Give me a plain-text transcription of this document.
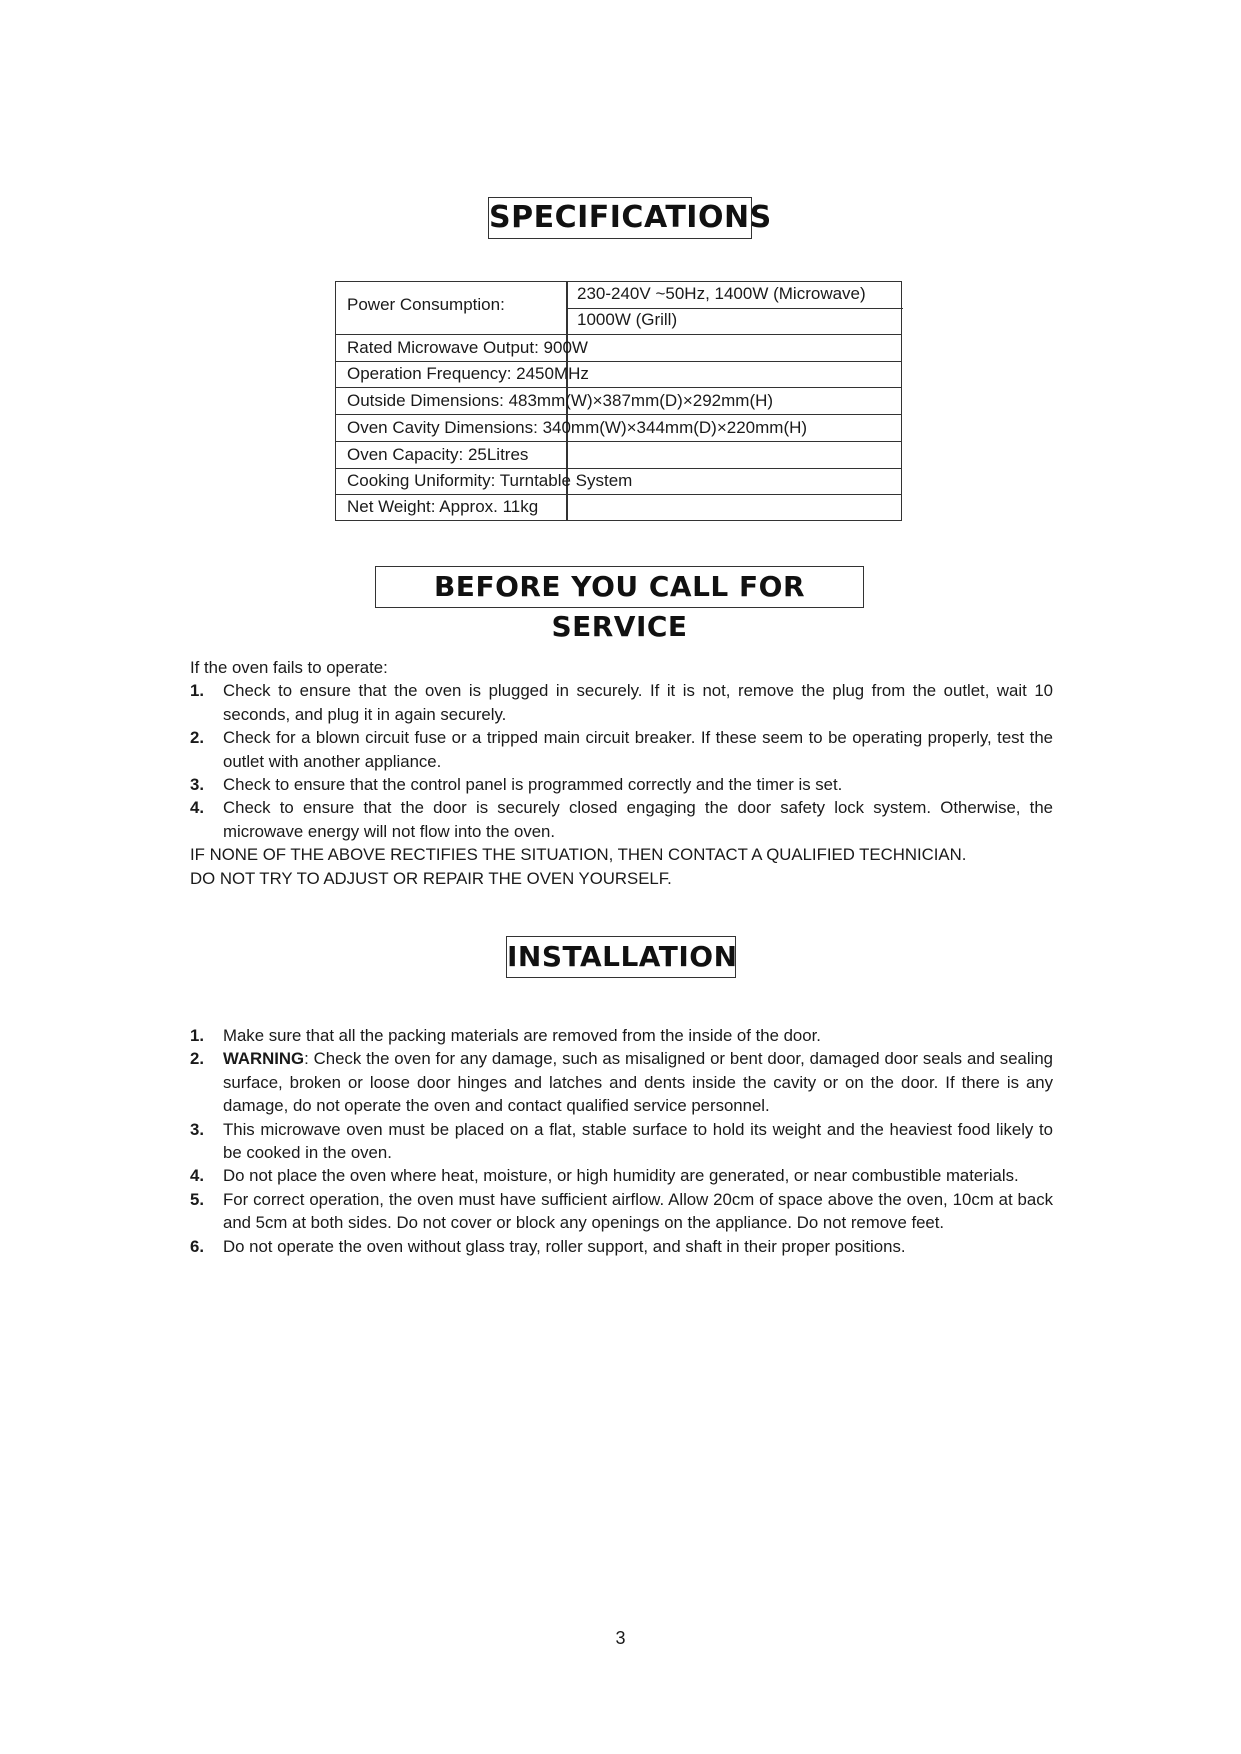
SPECIFICATIONS
Power Consumption:
230-240V ~50Hz, 1400W (Microwave)
1000W (Grill)
Rated Microwave Output: 900W
Operation Frequency: 2450MHz
Outside Dimensions: 483mm(W)×387mm(D)×292mm(H)
Oven Cavity Dimensions: 340mm(W)×344mm(D)×220mm(H)
Oven Capacity: 25Litres
Cooking Uniformity: Turntable System
Net Weight: Approx. 11kg
BEFORE YOU CALL FOR SERVICE

If the oven fails to operate:

1. Check to ensure that the oven is plugged in securely. If it is not, remove the plug from the outlet, wait 10 seconds, and plug it in again securely.
2. Check for a blown circuit fuse or a tripped main circuit breaker. If these seem to be operating properly, test the outlet with another appliance.
3. Check to ensure that the control panel is programmed correctly and the timer is set.
4. Check to ensure that the door is securely closed engaging the door safety lock system. Otherwise, the microwave energy will not flow into the oven.

IF NONE OF THE ABOVE RECTIFIES THE SITUATION, THEN CONTACT A QUALIFIED TECHNICIAN.

DO NOT TRY TO ADJUST OR REPAIR THE OVEN YOURSELF.

INSTALLATION
1. Make sure that all the packing materials are removed from the inside of the door.
2. WARNING: Check the oven for any damage, such as misaligned or bent door, damaged door seals and sealing surface, broken or loose door hinges and latches and dents inside the cavity or on the door. If there is any damage, do not operate the oven and contact qualified service personnel.
3. This microwave oven must be placed on a flat, stable surface to hold its weight and the heaviest food likely to be cooked in the oven.
4. Do not place the oven where heat, moisture, or high humidity are generated, or near combustible materials.
5. For correct operation, the oven must have sufficient airflow. Allow 20cm of space above the oven, 10cm at back and 5cm at both sides. Do not cover or block any openings on the appliance. Do not remove feet.
6. Do not operate the oven without glass tray, roller support, and shaft in their proper positions.
3
